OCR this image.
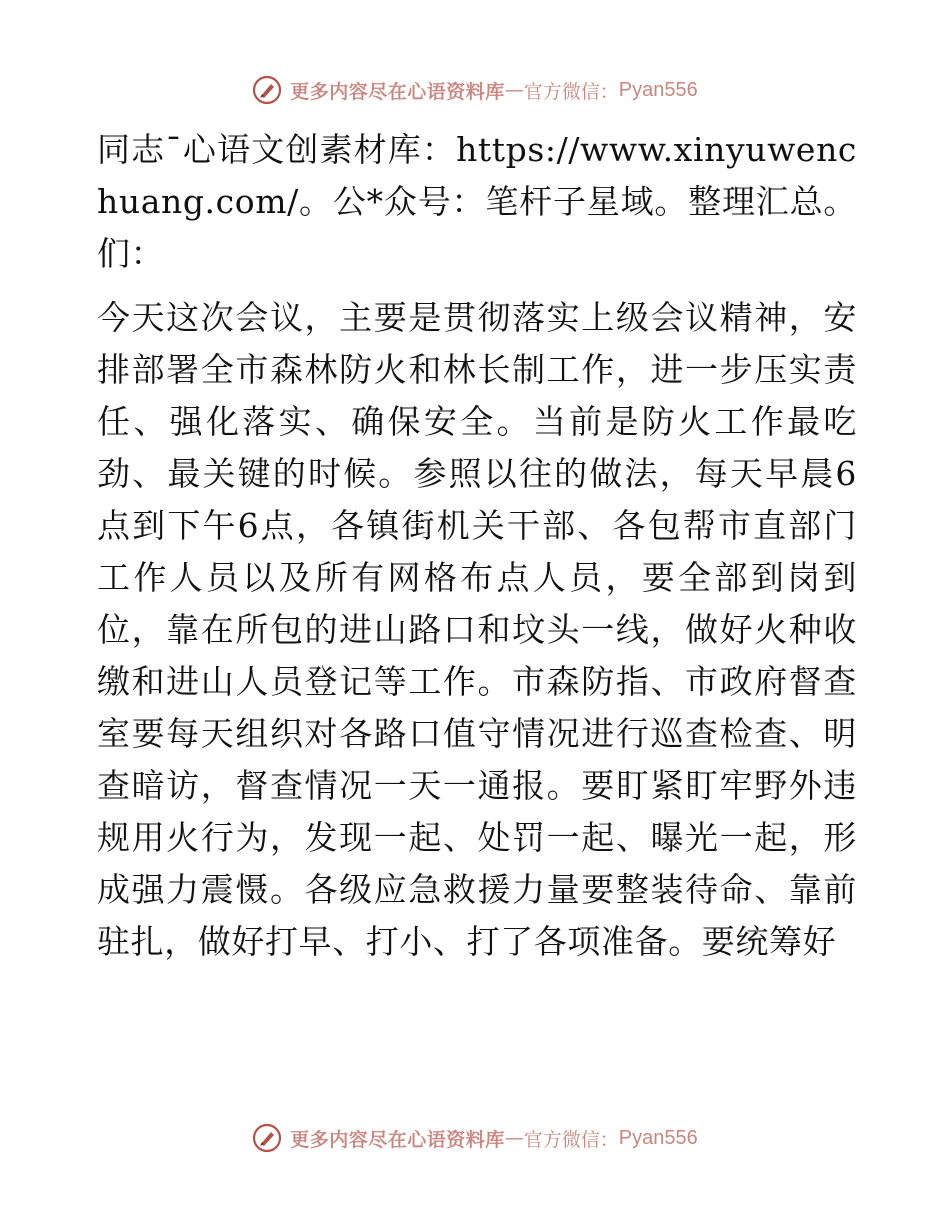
更多内容尽在心语资料库 — 官方微信： Pyan556

同志¯心语文创素材库：https://www.xinyuwenchuang.com/。公*众号：笔杆子星域。整理汇总。们：

今天这次会议，主要是贯彻落实上级会议精神，安排部署全市森林防火和林长制工作，进一步压实责任、强化落实、确保安全。当前是防火工作最吃劲、最关键的时候。参照以往的做法，每天早晨6点到下午6点，各镇街机关干部、各包帮市直部门工作人员以及所有网格布点人员，要全部到岗到位，靠在所包的进山路口和坟头一线，做好火种收缴和进山人员登记等工作。市森防指、市政府督查室要每天组织对各路口值守情况进行巡查检查、明查暗访，督查情况一天一通报。要盯紧盯牢野外违规用火行为，发现一起、处罚一起、曝光一起，形成强力震慑。各级应急救援力量要整装待命、靠前驻扎，做好打早、打小、打了各项准备。要统筹好

更多内容尽在心语资料库 — 官方微信： Pyan556
